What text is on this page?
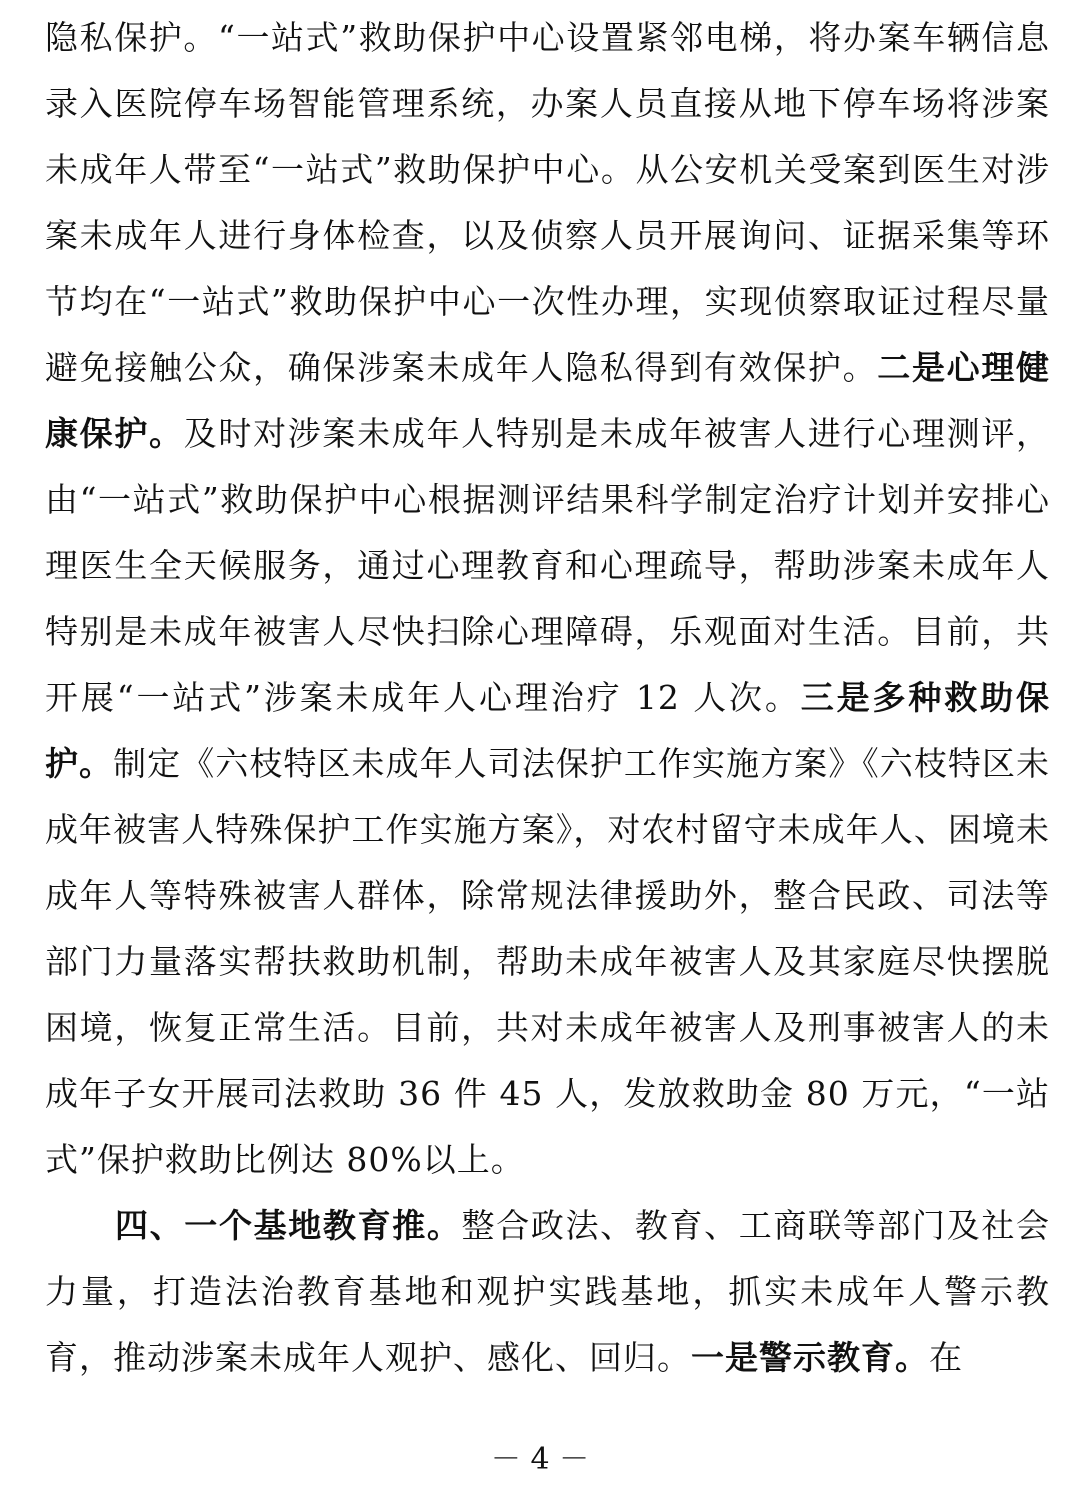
隐私保护。“一站式”救助保护中心设置紧邻电梯，将办案车辆信息录入医院停车场智能管理系统，办案人员直接从地下停车场将涉案未成年人带至“一站式”救助保护中心。从公安机关受案到医生对涉案未成年人进行身体检查，以及侦察人员开展询问、证据采集等环节均在“一站式”救助保护中心一次性办理，实现侦察取证过程尽量避免接触公众，确保涉案未成年人隐私得到有效保护。二是心理健康保护。及时对涉案未成年人特别是未成年被害人进行心理测评，由“一站式”救助保护中心根据测评结果科学制定治疗计划并安排心理医生全天候服务，通过心理教育和心理疏导，帮助涉案未成年人特别是未成年被害人尽快扫除心理障碍，乐观面对生活。目前，共开展“一站式”涉案未成年人心理治疗 12 人次。三是多种救助保护。制定《六枝特区未成年人司法保护工作实施方案》《六枝特区未成年被害人特殊保护工作实施方案》，对农村留守未成年人、困境未成年人等特殊被害人群体，除常规法律援助外，整合民政、司法等部门力量落实帮扶救助机制，帮助未成年被害人及其家庭尽快摆脱困境，恢复正常生活。目前，共对未成年被害人及刑事被害人的未成年子女开展司法救助 36 件 45 人，发放救助金 80 万元，“一站式”保护救助比例达 80%以上。

四、一个基地教育推。整合政法、教育、工商联等部门及社会力量，打造法治教育基地和观护实践基地，抓实未成年人警示教育，推动涉案未成年人观护、感化、回归。一是警示教育。在

－ 4 －
